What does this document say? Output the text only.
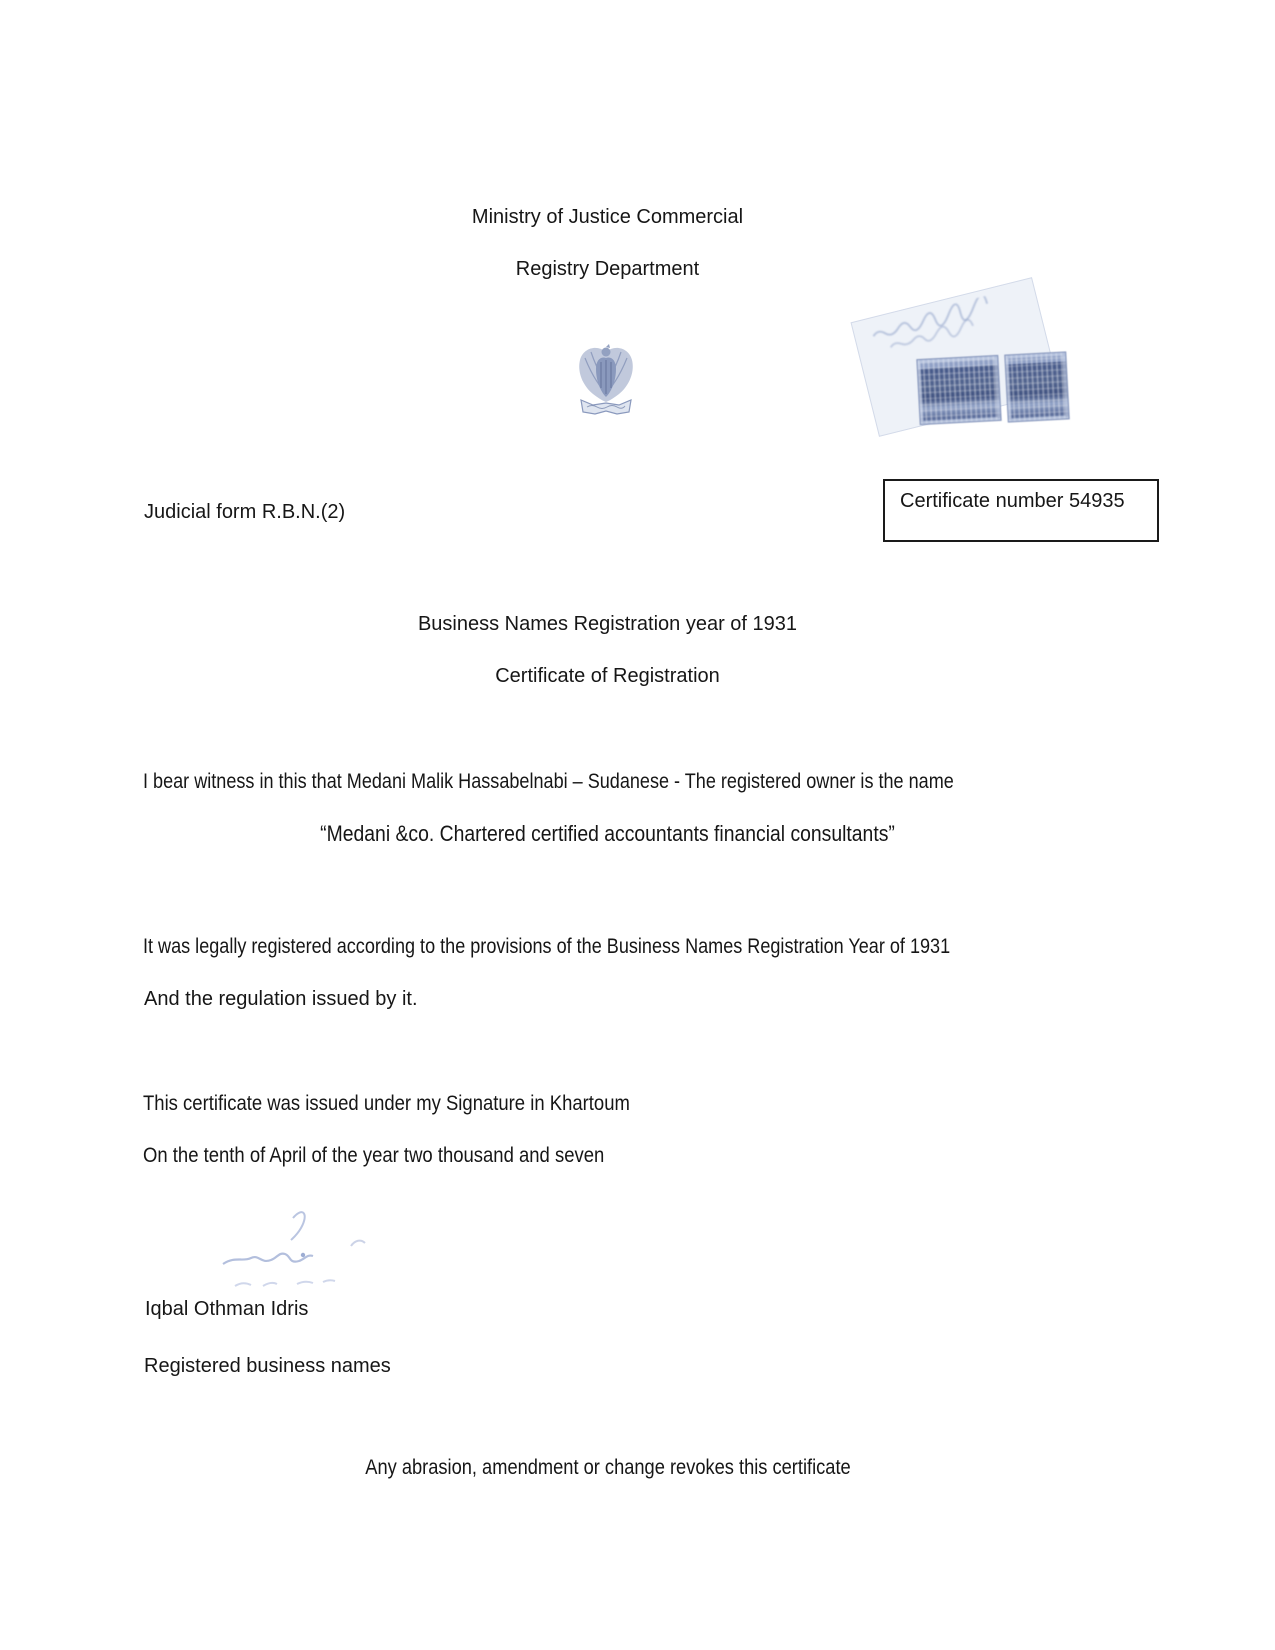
Ministry of Justice Commercial
Registry Department
Judicial form R.B.N.(2)	Certificate number 54935
Business Names Registration year of 1931
Certificate of Registration
I bear witness in this that Medani Malik Hassabelnabi – Sudanese - The registered owner is the name
“Medani &co. Chartered certified accountants financial consultants”
It was legally registered according to the provisions of the Business Names Registration Year of 1931
And the regulation issued by it.
This certificate was issued under my Signature in Khartoum
On the tenth of April of the year two thousand and seven
Iqbal Othman Idris
Registered business names
Any abrasion, amendment or change revokes this certificate
